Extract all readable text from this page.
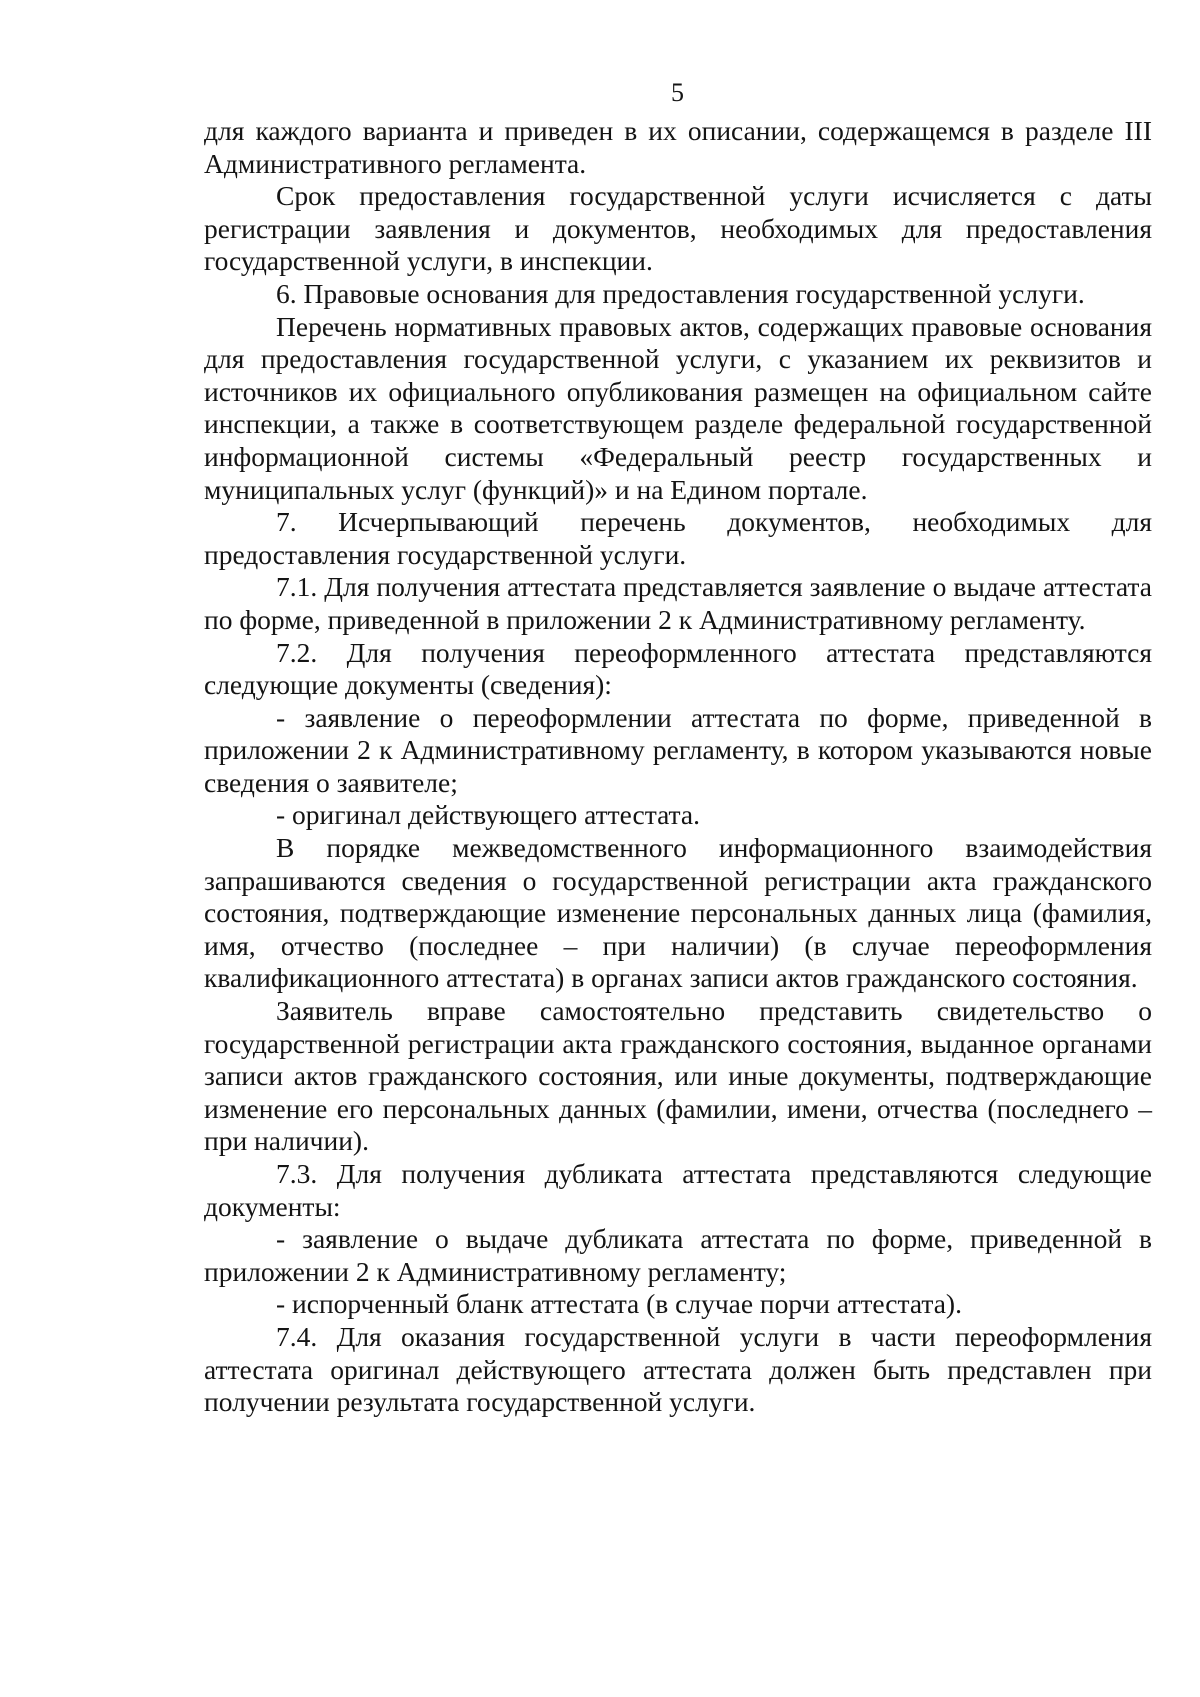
5

для каждого варианта и приведен в их описании, содержащемся в разделе III Административного регламента.

Срок предоставления государственной услуги исчисляется с даты регистрации заявления и документов, необходимых для предоставления государственной услуги, в инспекции.

6. Правовые основания для предоставления государственной услуги.

Перечень нормативных правовых актов, содержащих правовые основания для предоставления государственной услуги, с указанием их реквизитов и источников их официального опубликования размещен на официальном сайте инспекции, а также в соответствующем разделе федеральной государственной информационной системы «Федеральный реестр государственных и муниципальных услуг (функций)» и на Едином портале.

7. Исчерпывающий перечень документов, необходимых для предоставления государственной услуги.

7.1. Для получения аттестата представляется заявление о выдаче аттестата по форме, приведенной в приложении 2 к Административному регламенту.

7.2. Для получения переоформленного аттестата представляются следующие документы (сведения):

- заявление о переоформлении аттестата по форме, приведенной в приложении 2 к Административному регламенту, в котором указываются новые сведения о заявителе;

- оригинал действующего аттестата.

В порядке межведомственного информационного взаимодействия запрашиваются сведения о государственной регистрации акта гражданского состояния, подтверждающие изменение персональных данных лица (фамилия, имя, отчество (последнее – при наличии) (в случае переоформления квалификационного аттестата) в органах записи актов гражданского состояния.

Заявитель вправе самостоятельно представить свидетельство о государственной регистрации акта гражданского состояния, выданное органами записи актов гражданского состояния, или иные документы, подтверждающие изменение его персональных данных (фамилии, имени, отчества (последнего – при наличии).

7.3. Для получения дубликата аттестата представляются следующие документы:

- заявление о выдаче дубликата аттестата по форме, приведенной в приложении 2 к Административному регламенту;

- испорченный бланк аттестата (в случае порчи аттестата).

7.4. Для оказания государственной услуги в части переоформления аттестата оригинал действующего аттестата должен быть представлен при получении результата государственной услуги.
